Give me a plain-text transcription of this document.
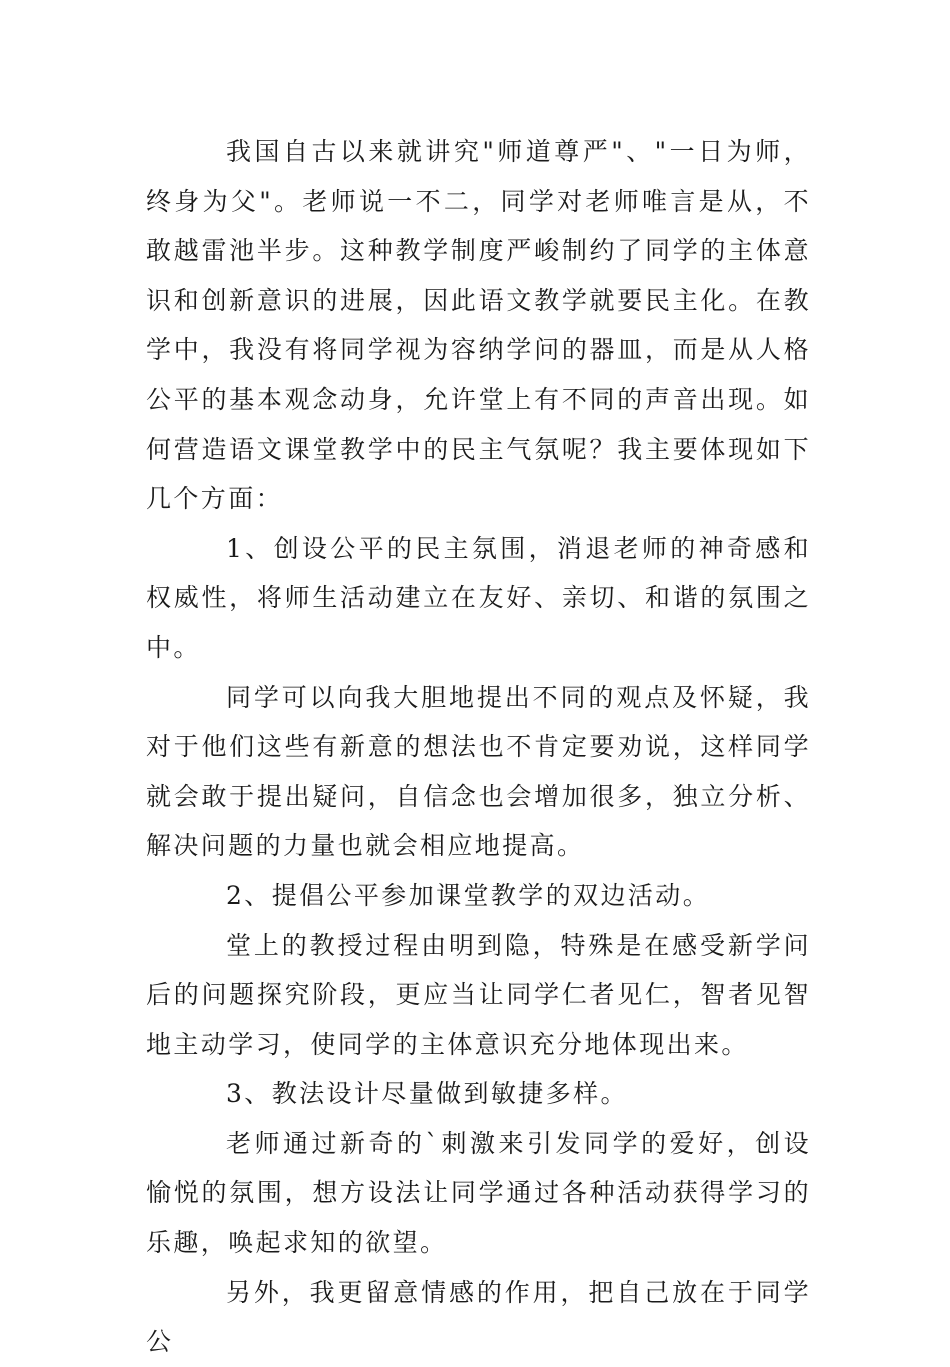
我国自古以来就讲究"师道尊严"、"一日为师，终身为父"。老师说一不二，同学对老师唯言是从，不敢越雷池半步。这种教学制度严峻制约了同学的主体意识和创新意识的进展，因此语文教学就要民主化。在教学中，我没有将同学视为容纳学问的器皿，而是从人格公平的基本观念动身，允许堂上有不同的声音出现。如何营造语文课堂教学中的民主气氛呢？我主要体现如下几个方面：

1、创设公平的民主氛围，消退老师的神奇感和权威性，将师生活动建立在友好、亲切、和谐的氛围之中。

同学可以向我大胆地提出不同的观点及怀疑，我对于他们这些有新意的想法也不肯定要劝说，这样同学就会敢于提出疑问，自信念也会增加很多，独立分析、解决问题的力量也就会相应地提高。

2、提倡公平参加课堂教学的双边活动。

堂上的教授过程由明到隐，特殊是在感受新学问后的问题探究阶段，更应当让同学仁者见仁，智者见智地主动学习，使同学的主体意识充分地体现出来。

3、教法设计尽量做到敏捷多样。

老师通过新奇的`刺激来引发同学的爱好，创设愉悦的氛围，想方设法让同学通过各种活动获得学习的乐趣，唤起求知的欲望。

另外，我更留意情感的作用，把自己放在于同学公
